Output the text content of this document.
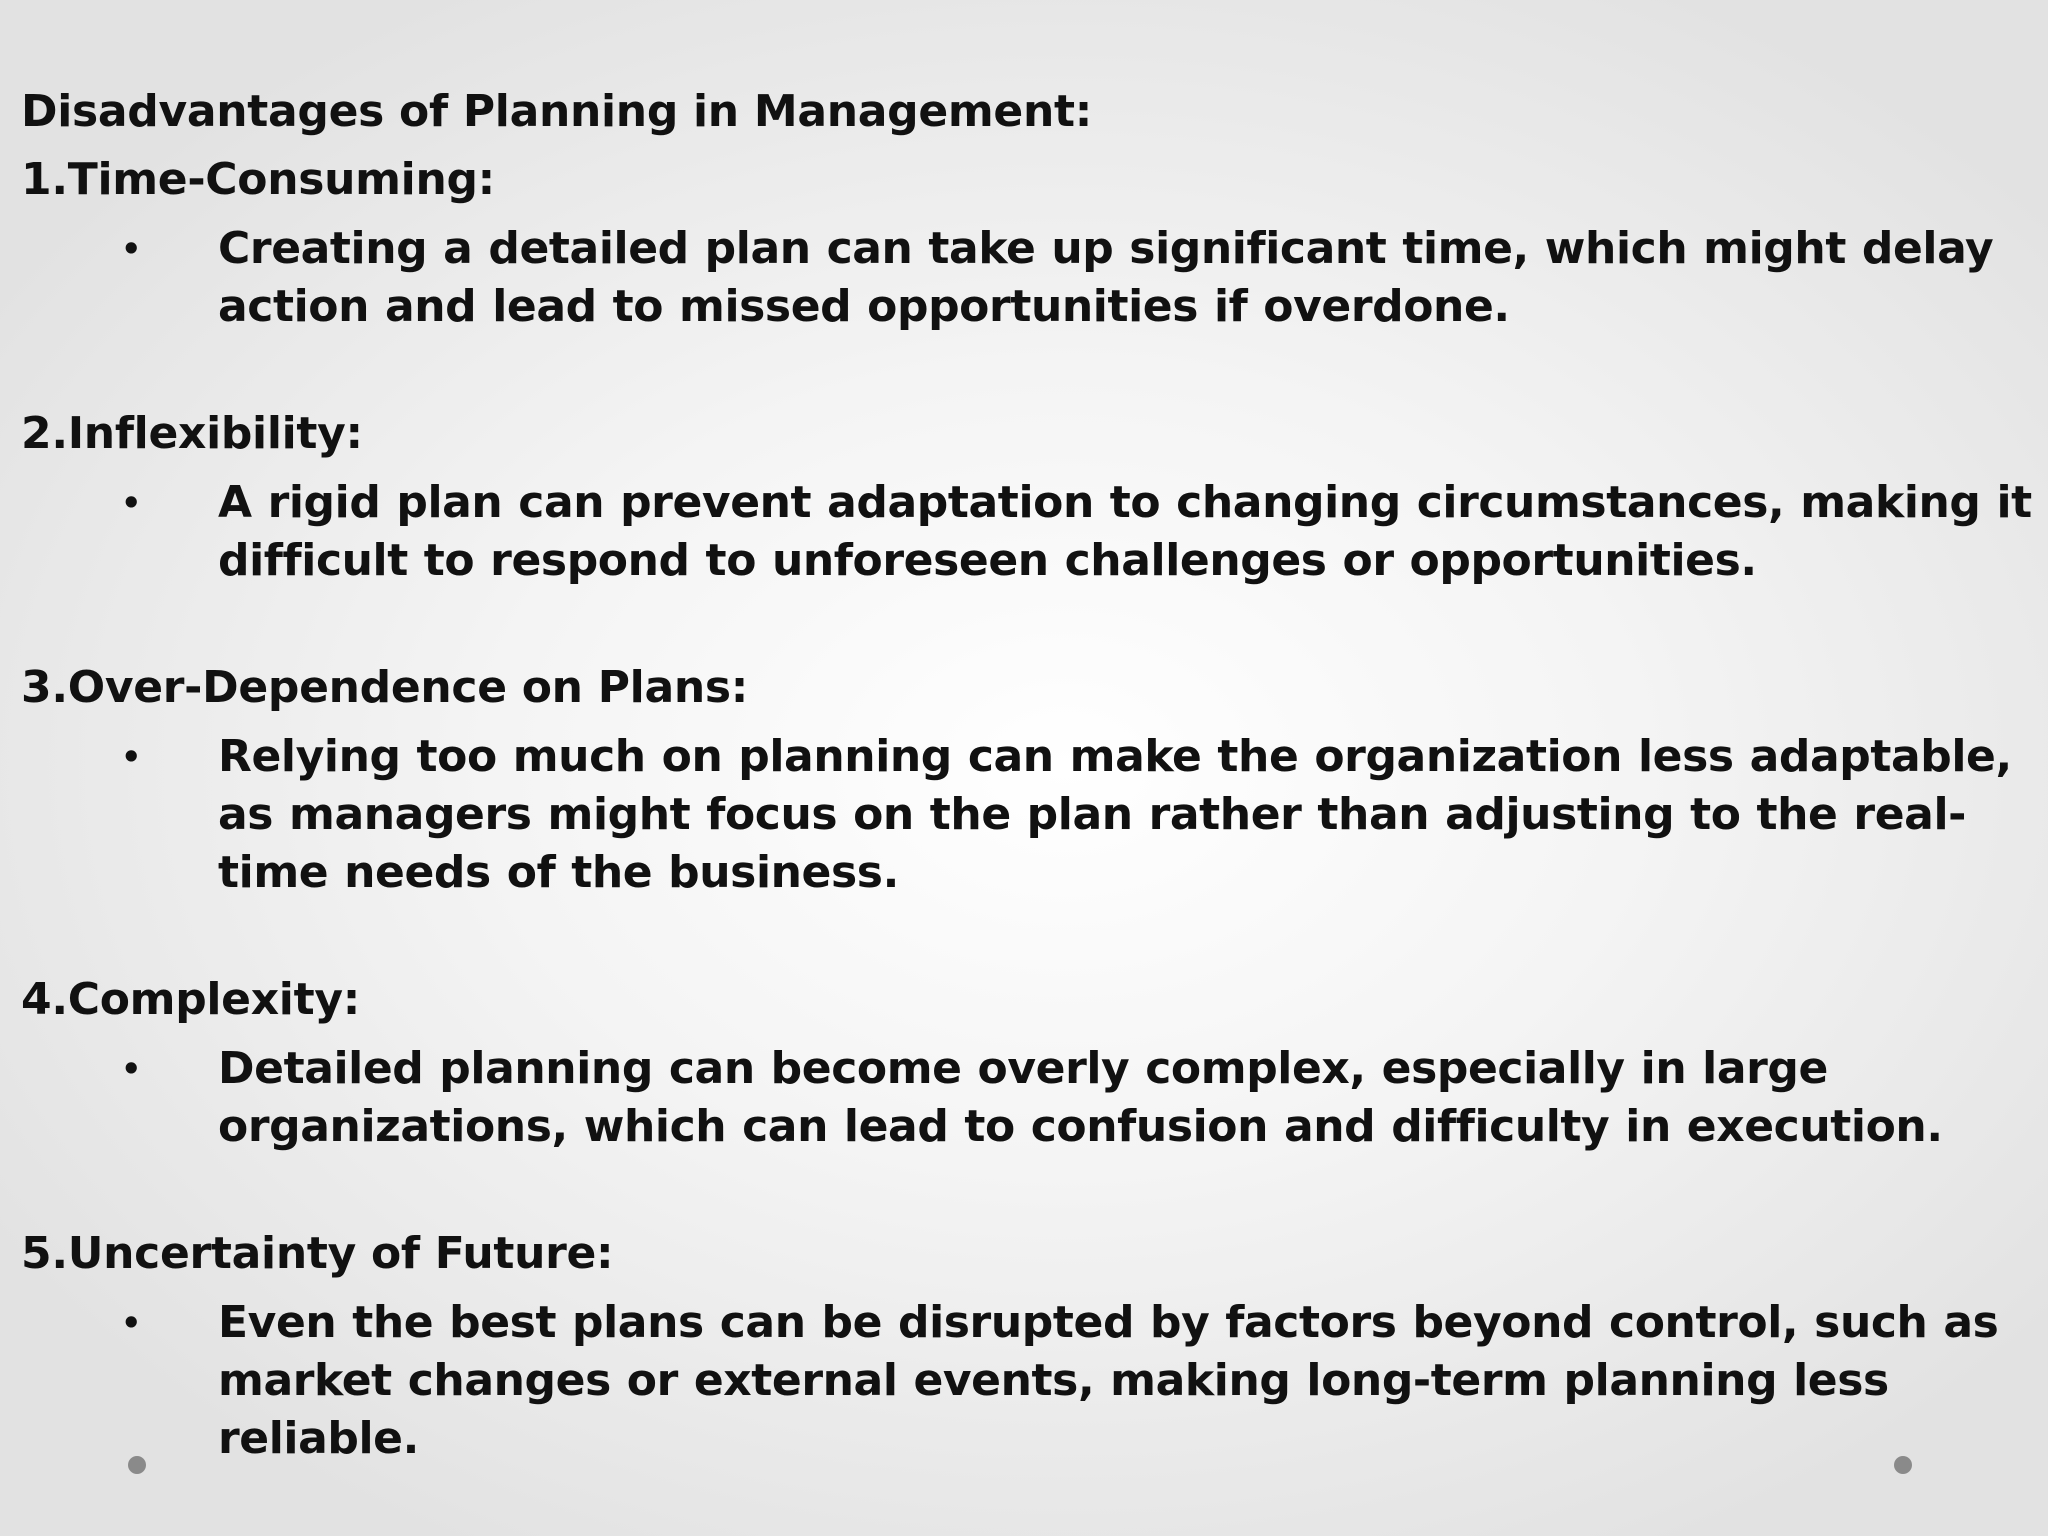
Disadvantages of Planning in Management:
1.Time-Consuming:
• Creating a detailed plan can take up significant time, which might delay action and lead to missed opportunities if overdone.
2.Inflexibility:
• A rigid plan can prevent adaptation to changing circumstances, making it difficult to respond to unforeseen challenges or opportunities.
3.Over-Dependence on Plans:
• Relying too much on planning can make the organization less adaptable, as managers might focus on the plan rather than adjusting to the real-time needs of the business.
4.Complexity:
• Detailed planning can become overly complex, especially in large organizations, which can lead to confusion and difficulty in execution.
5.Uncertainty of Future:
• Even the best plans can be disrupted by factors beyond control, such as market changes or external events, making long-term planning less reliable.
